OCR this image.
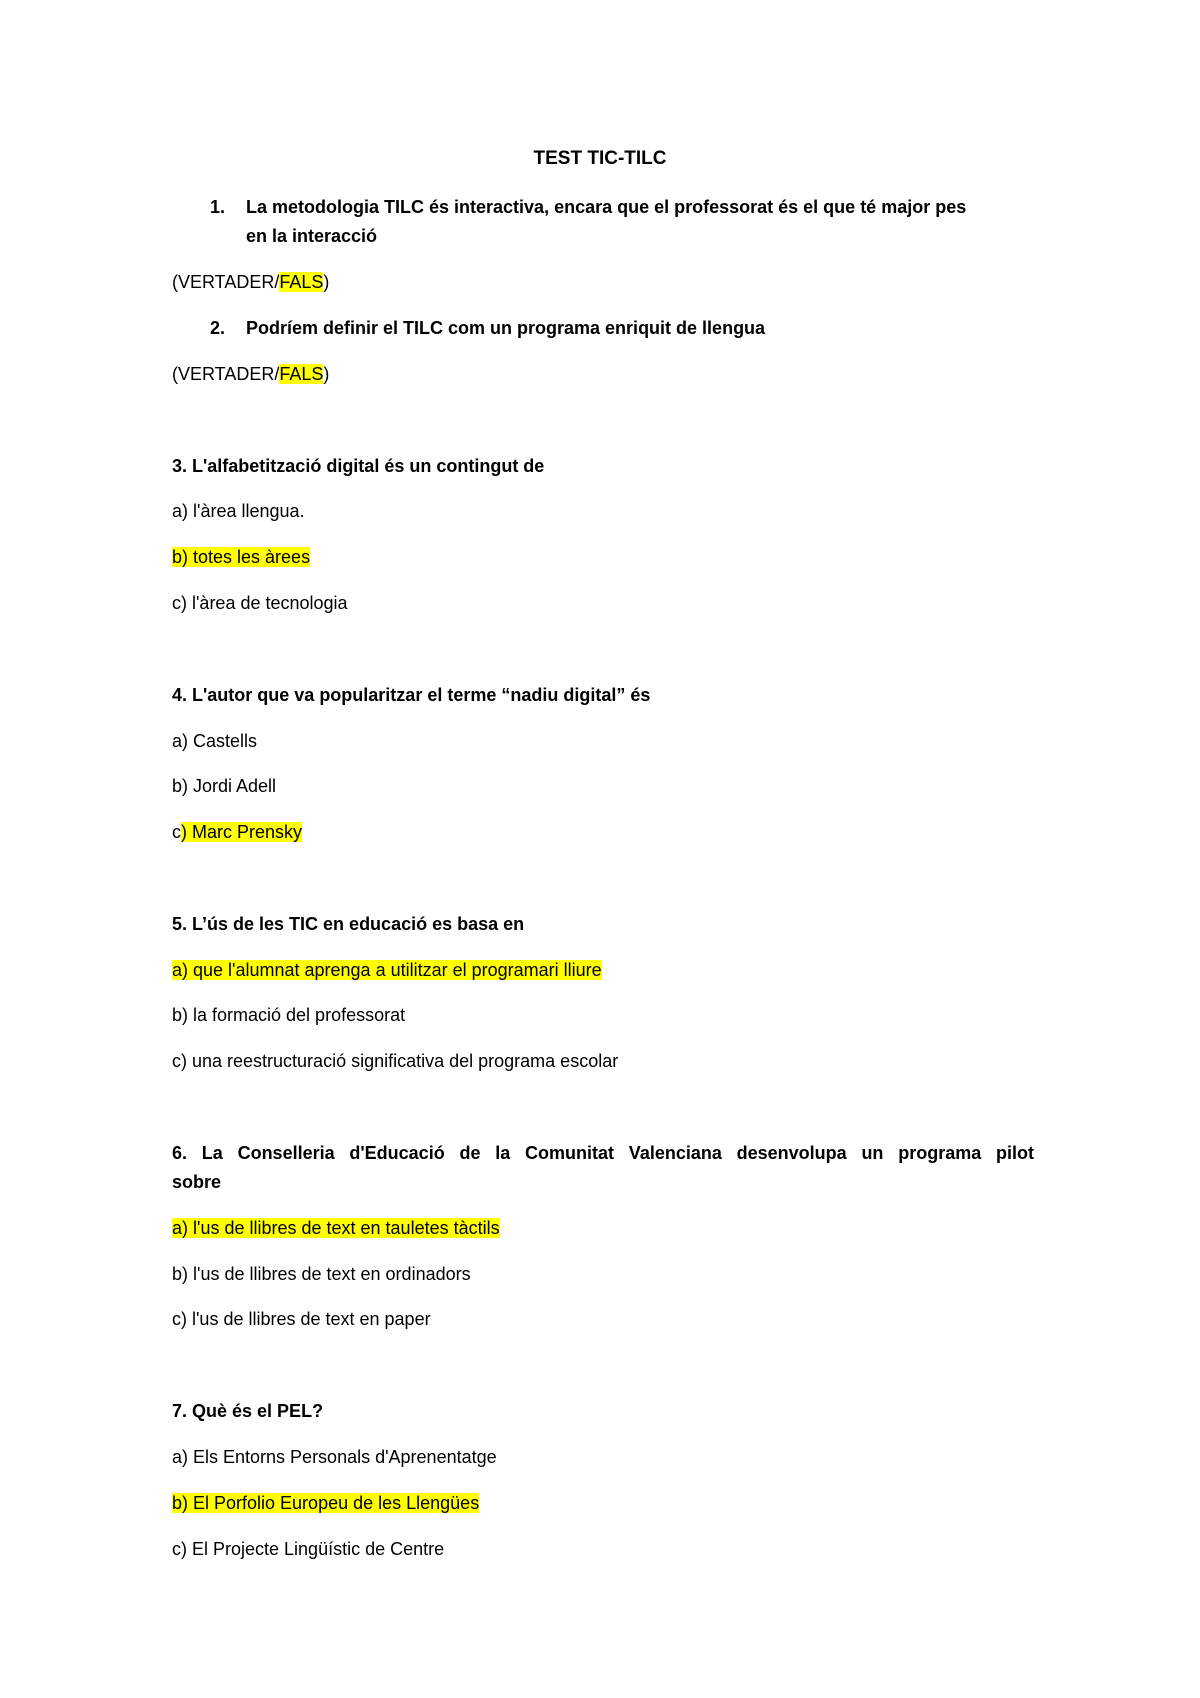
TEST TIC-TILC
1. La metodologia TILC és interactiva, encara que el professorat és el que té major pes
en la interacció
(VERTADER/FALS)
2. Podríem definir el TILC com un programa enriquit de llengua
(VERTADER/FALS)
3. L'alfabetització digital és un contingut de
a) l'àrea llengua.
b) totes les àrees
c) l'àrea de tecnologia
4. L'autor que va popularitzar el terme “nadiu digital” és
a) Castells
b) Jordi Adell
c) Marc Prensky
5. L’ús de les TIC en educació es basa en
a) que l'alumnat aprenga a utilitzar el programari lliure
b) la formació del professorat
c) una reestructuració significativa del programa escolar
6. La Conselleria d'Educació de la Comunitat Valenciana desenvolupa un programa pilot
sobre
a) l'us de llibres de text en tauletes tàctils
b) l'us de llibres de text en ordinadors
c) l'us de llibres de text en paper
7. Què és el PEL?
a) Els Entorns Personals d'Aprenentatge
b) El Porfolio Europeu de les Llengües
c) El Projecte Lingüístic de Centre
